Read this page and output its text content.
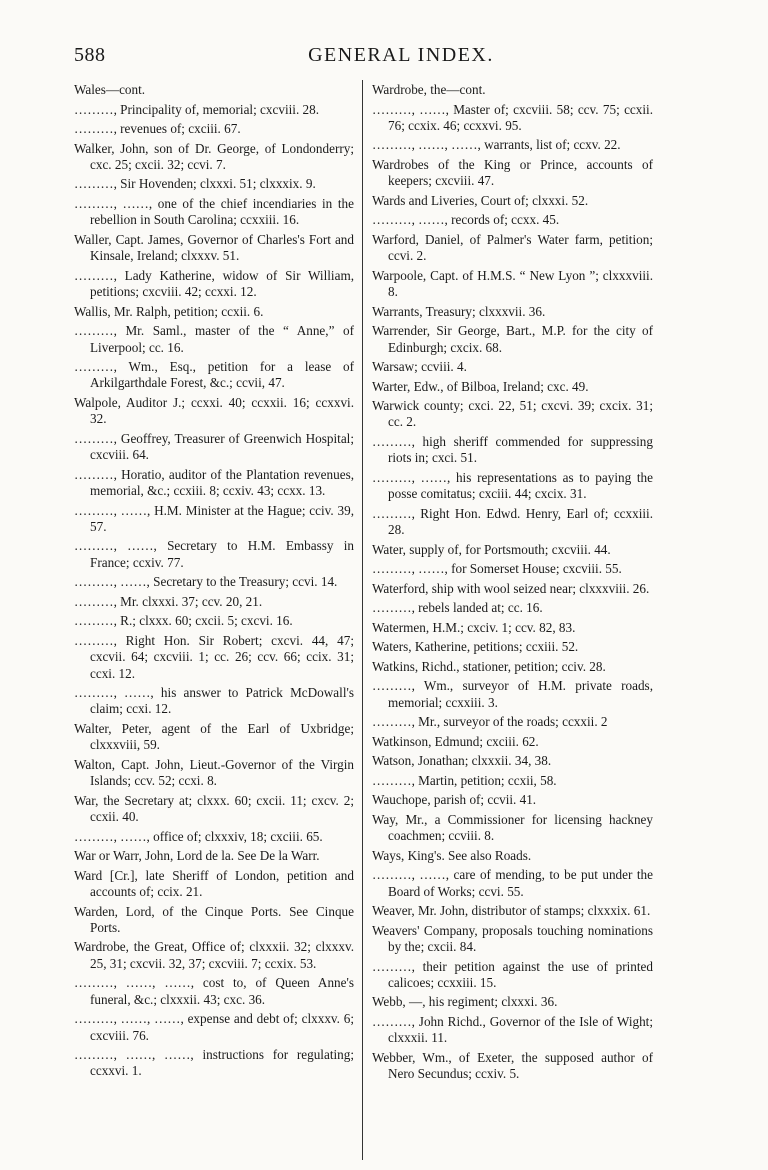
588	GENERAL INDEX.

Wales—cont.

………, Principality of, memorial; cxcviii. 28.

………, revenues of; cxciii. 67.

Walker, John, son of Dr. George, of Londonderry; cxc. 25; cxcii. 32; ccvi. 7.

………, Sir Hovenden; clxxxi. 51; clxxxix. 9.

………, ……, one of the chief incendiaries in the rebellion in South Carolina; ccxxiii. 16.

Waller, Capt. James, Governor of Charles's Fort and Kinsale, Ireland; clxxxv. 51.

………, Lady Katherine, widow of Sir William, petitions; cxcviii. 42; ccxxi. 12.

Wallis, Mr. Ralph, petition; ccxii. 6.

………, Mr. Saml., master of the “ Anne,” of Liverpool; cc. 16.

………, Wm., Esq., petition for a lease of Arkilgarthdale Forest, &c.; ccvii, 47.

Walpole, Auditor J.; ccxxi. 40; ccxxii. 16; ccxxvi. 32.

………, Geoffrey, Treasurer of Greenwich Hospital; cxcviii. 64.

………, Horatio, auditor of the Plantation revenues, memorial, &c.; ccxiii. 8; ccxiv. 43; ccxx. 13.

………, ……, H.M. Minister at the Hague; cciv. 39, 57.

………, ……, Secretary to H.M. Embassy in France; ccxiv. 77.

………, ……, Secretary to the Treasury; ccvi. 14.

………, Mr. clxxxi. 37; ccv. 20, 21.

………, R.; clxxx. 60; cxcii. 5; cxcvi. 16.

………, Right Hon. Sir Robert; cxcvi. 44, 47; cxcvii. 64; cxcviii. 1; cc. 26; ccv. 66; ccix. 31; ccxi. 12.

………, ……, his answer to Patrick McDowall's claim; ccxi. 12.

Walter, Peter, agent of the Earl of Uxbridge; clxxxviii, 59.

Walton, Capt. John, Lieut.-Governor of the Virgin Islands; ccv. 52; ccxi. 8.

War, the Secretary at; clxxx. 60; cxcii. 11; cxcv. 2; ccxii. 40.

………, ……, office of; clxxxiv, 18; cxciii. 65.

War or Warr, John, Lord de la. See De la Warr.

Ward [Cr.], late Sheriff of London, petition and accounts of; ccix. 21.

Warden, Lord, of the Cinque Ports. See Cinque Ports.

Wardrobe, the Great, Office of; clxxxii. 32; clxxxv. 25, 31; cxcvii. 32, 37; cxcviii. 7; ccxix. 53.

………, ……, ……, cost to, of Queen Anne's funeral, &c.; clxxxii. 43; cxc. 36.

………, ……, ……, expense and debt of; clxxxv. 6; cxcviii. 76.

………, ……, ……, instructions for regulating; ccxxvi. 1.

Wardrobe, the—cont.

………, ……, Master of; cxcviii. 58; ccv. 75; ccxii. 76; ccxix. 46; ccxxvi. 95.

………, ……, ……, warrants, list of; ccxv. 22.

Wardrobes of the King or Prince, accounts of keepers; cxcviii. 47.

Wards and Liveries, Court of; clxxxi. 52.

………, ……, records of; ccxx. 45.

Warford, Daniel, of Palmer's Water farm, petition; ccvi. 2.

Warpoole, Capt. of H.M.S. “ New Lyon ”; clxxxviii. 8.

Warrants, Treasury; clxxxvii. 36.

Warrender, Sir George, Bart., M.P. for the city of Edinburgh; cxcix. 68.

Warsaw; ccviii. 4.

Warter, Edw., of Bilboa, Ireland; cxc. 49.

Warwick county; cxci. 22, 51; cxcvi. 39; cxcix. 31; cc. 2.

………, high sheriff commended for suppressing riots in; cxci. 51.

………, ……, his representations as to paying the posse comitatus; cxciii. 44; cxcix. 31.

………, Right Hon. Edwd. Henry, Earl of; ccxxiii. 28.

Water, supply of, for Portsmouth; cxcviii. 44.

………, ……, for Somerset House; cxcviii. 55.

Waterford, ship with wool seized near; clxxxviii. 26.

………, rebels landed at; cc. 16.

Watermen, H.M.; cxciv. 1; ccv. 82, 83.

Waters, Katherine, petitions; ccxiii. 52.

Watkins, Richd., stationer, petition; cciv. 28.

………, Wm., surveyor of H.M. private roads, memorial; ccxxiii. 3.

………, Mr., surveyor of the roads; ccxxii. 2

Watkinson, Edmund; cxciii. 62.

Watson, Jonathan; clxxxii. 34, 38.

………, Martin, petition; ccxii, 58.

Wauchope, parish of; ccvii. 41.

Way, Mr., a Commissioner for licensing hackney coachmen; ccviii. 8.

Ways, King's. See also Roads.

………, ……, care of mending, to be put under the Board of Works; ccvi. 55.

Weaver, Mr. John, distributor of stamps; clxxxix. 61.

Weavers' Company, proposals touching nominations by the; cxcii. 84.

………, their petition against the use of printed calicoes; ccxxiii. 15.

Webb, —, his regiment; clxxxi. 36.

………, John Richd., Governor of the Isle of Wight; clxxxii. 11.

Webber, Wm., of Exeter, the supposed author of Nero Secundus; ccxiv. 5.
